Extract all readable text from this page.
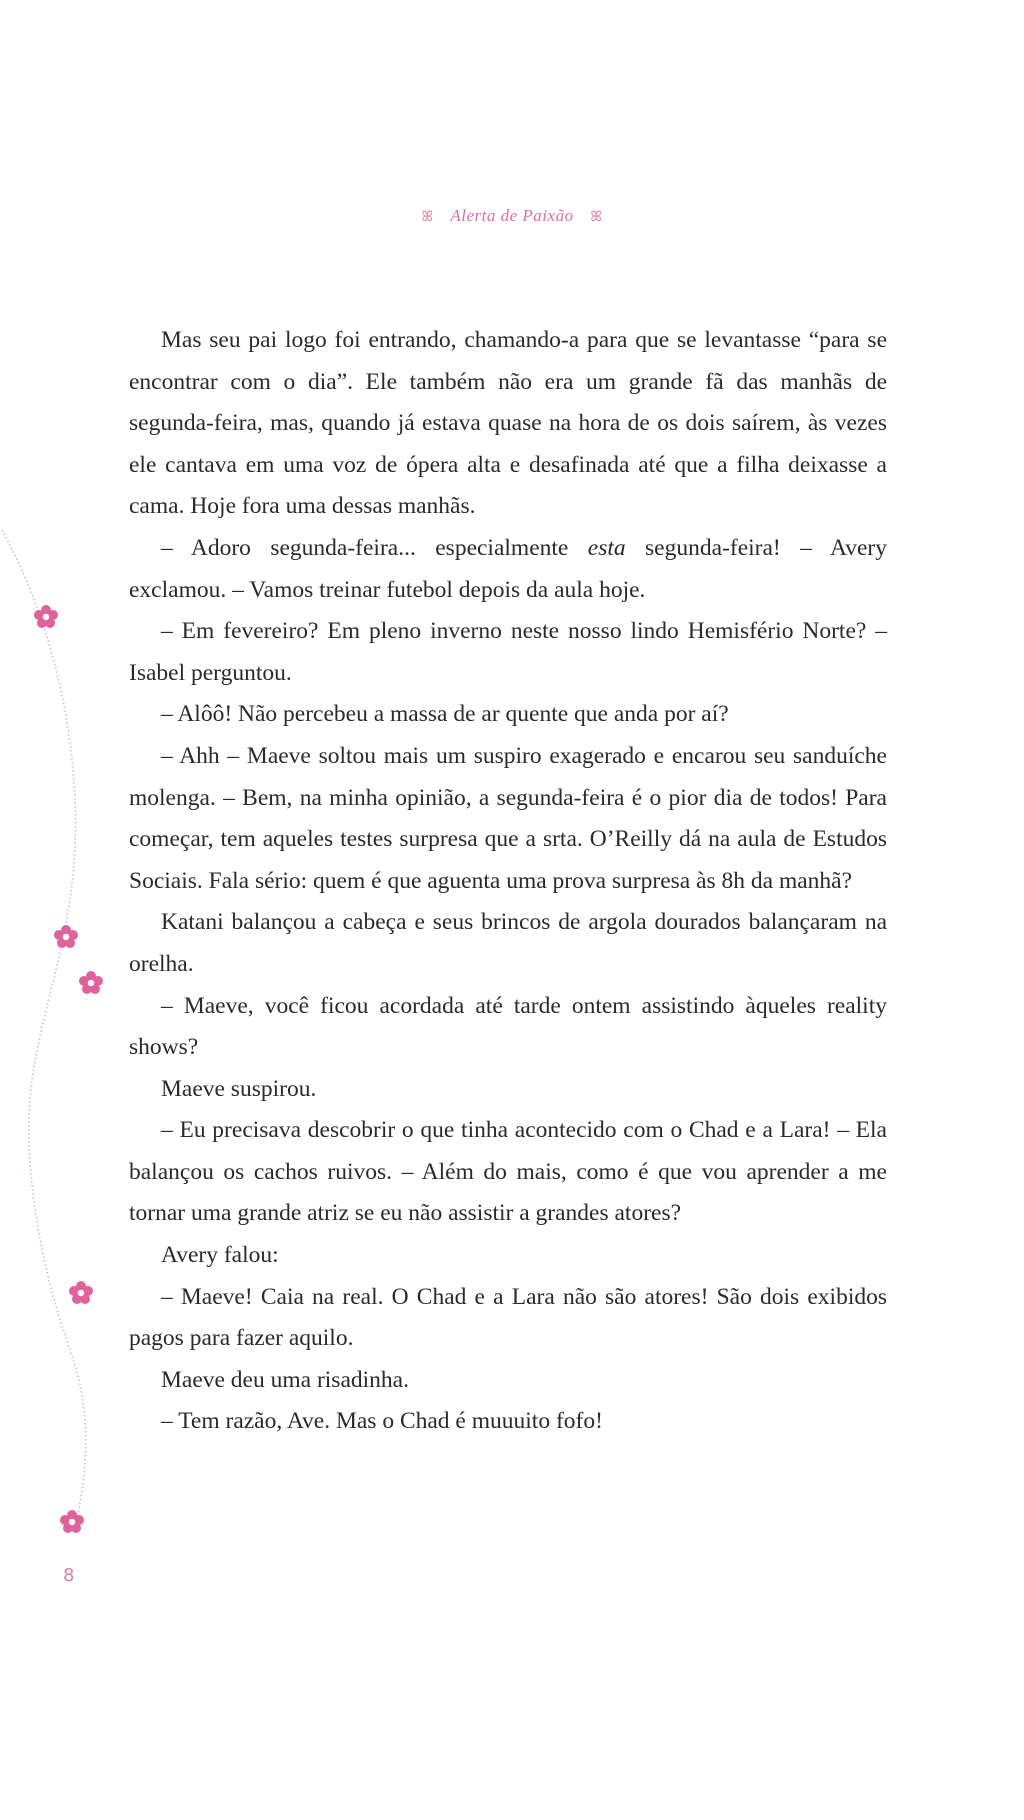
ꕤ Alerta de Paixão ꕤ

Mas seu pai logo foi entrando, chamando-a para que se levantasse “para se encontrar com o dia”. Ele também não era um grande fã das manhãs de segunda-feira, mas, quando já estava quase na hora de os dois saírem, às vezes ele cantava em uma voz de ópera alta e desafinada até que a filha deixasse a cama. Hoje fora uma dessas manhãs.

– Adoro segunda-feira... especialmente esta segunda-feira! – Avery exclamou. – Vamos treinar futebol depois da aula hoje.

– Em fevereiro? Em pleno inverno neste nosso lindo Hemisfério Norte? – Isabel perguntou.

– Alôô! Não percebeu a massa de ar quente que anda por aí?

– Ahh – Maeve soltou mais um suspiro exagerado e encarou seu sanduíche molenga. – Bem, na minha opinião, a segunda-feira é o pior dia de todos! Para começar, tem aqueles testes surpresa que a srta. O’Reilly dá na aula de Estudos Sociais. Fala sério: quem é que aguenta uma prova surpresa às 8h da manhã?

Katani balançou a cabeça e seus brincos de argola dourados balançaram na orelha.

– Maeve, você ficou acordada até tarde ontem assistindo àqueles reality shows?

Maeve suspirou.

– Eu precisava descobrir o que tinha acontecido com o Chad e a Lara! – Ela balançou os cachos ruivos. – Além do mais, como é que vou aprender a me tornar uma grande atriz se eu não assistir a grandes atores?

Avery falou:

– Maeve! Caia na real. O Chad e a Lara não são atores! São dois exibidos pagos para fazer aquilo.

Maeve deu uma risadinha.

– Tem razão, Ave. Mas o Chad é muuuito fofo!

8
